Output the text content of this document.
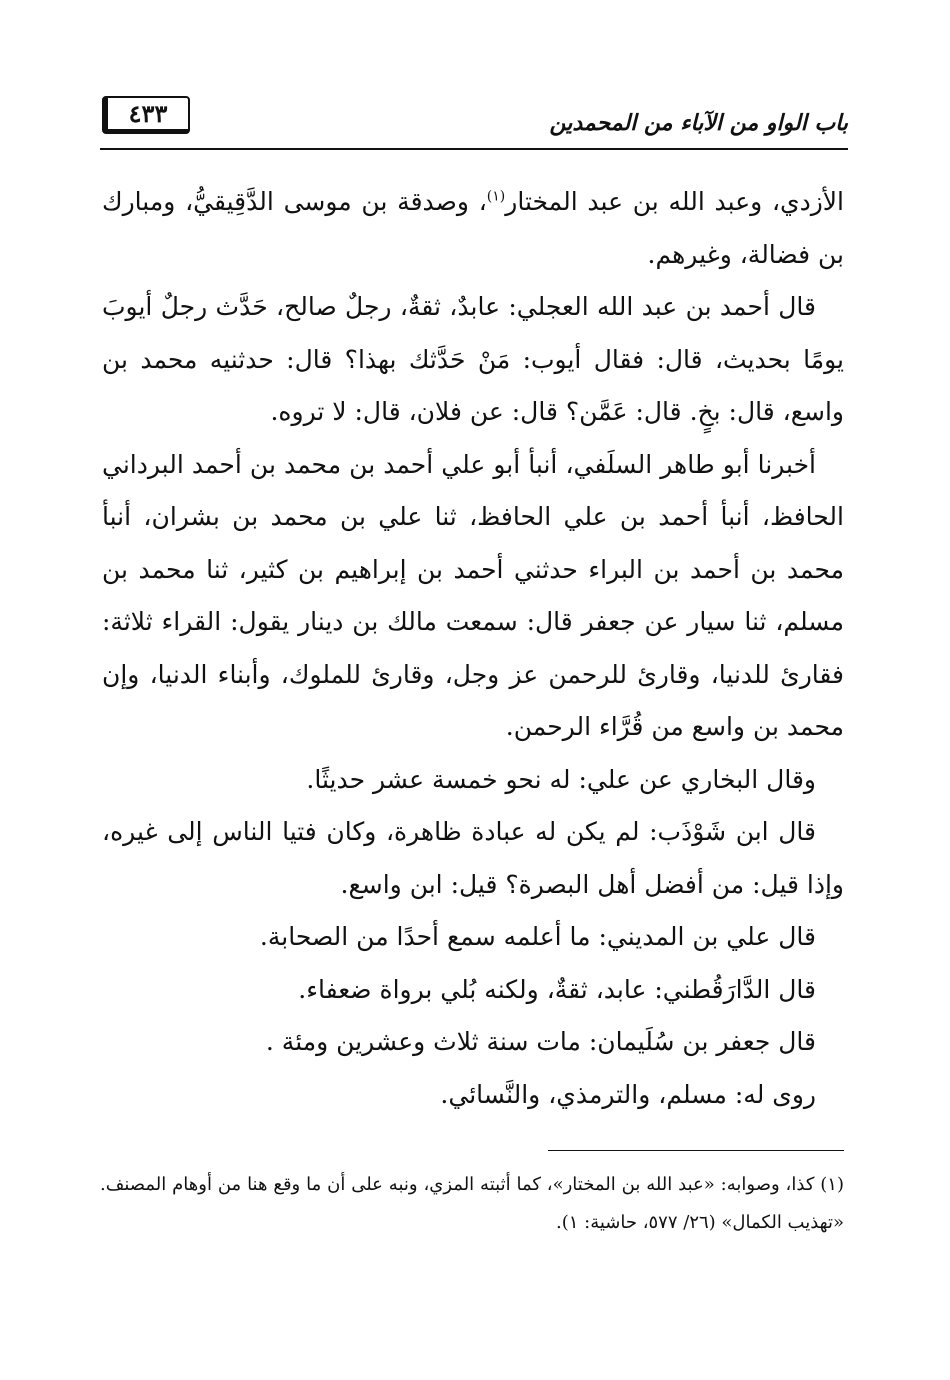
٤٣٣	باب الواو من الآباء من المحمدين

الأزدي، وعبد الله بن عبد المختار$^{(١)}$، وصدقة بن موسى الدَّقِيقيُّ، ومبارك بن فضالة، وغيرهم.

قال أحمد بن عبد الله العجلي: عابدٌ، ثقةٌ، رجلٌ صالح، حَدَّث رجلٌ أيوبَ يومًا بحديث، قال: فقال أيوب: مَنْ حَدَّثك بهذا؟ قال: حدثنيه محمد بن واسع، قال: بخٍ. قال: عَمَّن؟ قال: عن فلان، قال: لا تروه.

أخبرنا أبو طاهر السلَفي، أنبأ أبو علي أحمد بن محمد بن أحمد البرداني الحافظ، أنبأ أحمد بن علي الحافظ، ثنا علي بن محمد بن بشران، أنبأ محمد بن أحمد بن البراء حدثني أحمد بن إبراهيم بن كثير، ثنا محمد بن مسلم، ثنا سيار عن جعفر قال: سمعت مالك بن دينار يقول: القراء ثلاثة: فقارئ للدنيا، وقارئ للرحمن عز وجل، وقارئ للملوك، وأبناء الدنيا، وإن محمد بن واسع من قُرَّاء الرحمن.

وقال البخاري عن علي: له نحو خمسة عشر حديثًا.

قال ابن شَوْذَب: لم يكن له عبادة ظاهرة، وكان فتيا الناس إلى غيره، وإذا قيل: من أفضل أهل البصرة؟ قيل: ابن واسع.

قال علي بن المديني: ما أعلمه سمع أحدًا من الصحابة.

قال الدَّارَقُطني: عابد، ثقةٌ، ولكنه بُلي برواة ضعفاء.

قال جعفر بن سُلَيمان: مات سنة ثلاث وعشرين ومئة .

روى له: مسلم، والترمذي، والنَّسائي.

(١) كذا، وصوابه: «عبد الله بن المختار»، كما أثبته المزي، ونبه على أن ما وقع هنا من أوهام المصنف. «تهذيب الكمال» (٢٦/ ٥٧٧، حاشية: ١).
